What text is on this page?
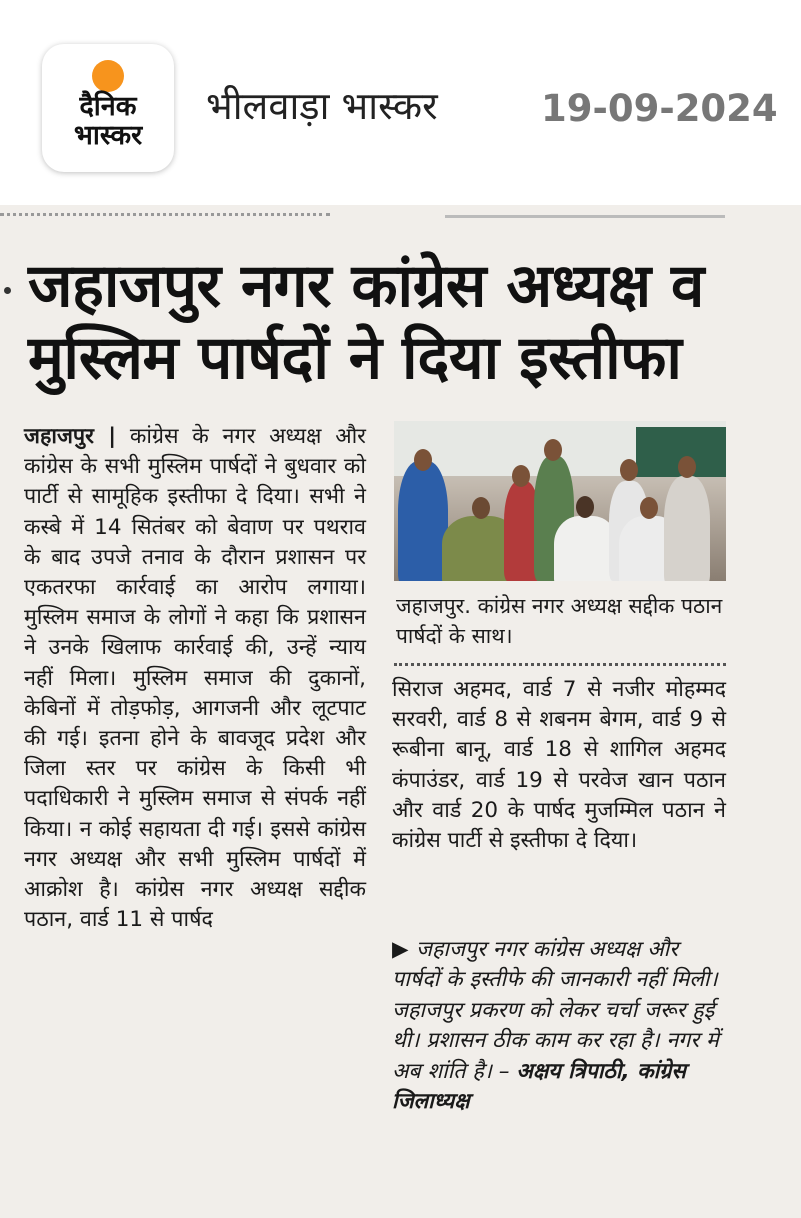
दैनिक
भास्कर
भीलवाड़ा भास्कर	19-09-2024
जहाजपुर नगर कांग्रेस अध्यक्ष व मुस्लिम पार्षदों ने दिया इस्तीफा
जहाजपुर | कांग्रेस के नगर अध्यक्ष और कांग्रेस के सभी मुस्लिम पार्षदों ने बुधवार को पार्टी से सामूहिक इस्तीफा दे दिया। सभी ने कस्बे में 14 सितंबर को बेवाण पर पथराव के बाद उपजे तनाव के दौरान प्रशासन पर एकतरफा कार्रवाई का आरोप लगाया। मुस्लिम समाज के लोगों ने कहा कि प्रशासन ने उनके खिलाफ कार्रवाई की, उन्हें न्याय नहीं मिला। मुस्लिम समाज की दुकानों, केबिनों में तोड़फोड़, आगजनी और लूटपाट की गई। इतना होने के बावजूद प्रदेश और जिला स्तर पर कांग्रेस के किसी भी पदाधिकारी ने मुस्लिम समाज से संपर्क नहीं किया। न कोई सहायता दी गई। इससे कांग्रेस नगर अध्यक्ष और सभी मुस्लिम पार्षदों में आक्रोश है। कांग्रेस नगर अध्यक्ष सद्दीक पठान, वार्ड 11 से पार्षद
जहाजपुर. कांग्रेस नगर अध्यक्ष सद्दीक पठान पार्षदों के साथ।
सिराज अहमद, वार्ड 7 से नजीर मोहम्मद सरवरी, वार्ड 8 से शबनम बेगम, वार्ड 9 से रूबीना बानू, वार्ड 18 से शागिल अहमद कंपाउंडर, वार्ड 19 से परवेज खान पठान और वार्ड 20 के पार्षद मुजम्मिल पठान ने कांग्रेस पार्टी से इस्तीफा दे दिया।
▶ जहाजपुर नगर कांग्रेस अध्यक्ष और पार्षदों के इस्तीफे की जानकारी नहीं मिली। जहाजपुर प्रकरण को लेकर चर्चा जरूर हुई थी। प्रशासन ठीक काम कर रहा है। नगर में अब शांति है। – अक्षय त्रिपाठी, कांग्रेस जिलाध्यक्ष
